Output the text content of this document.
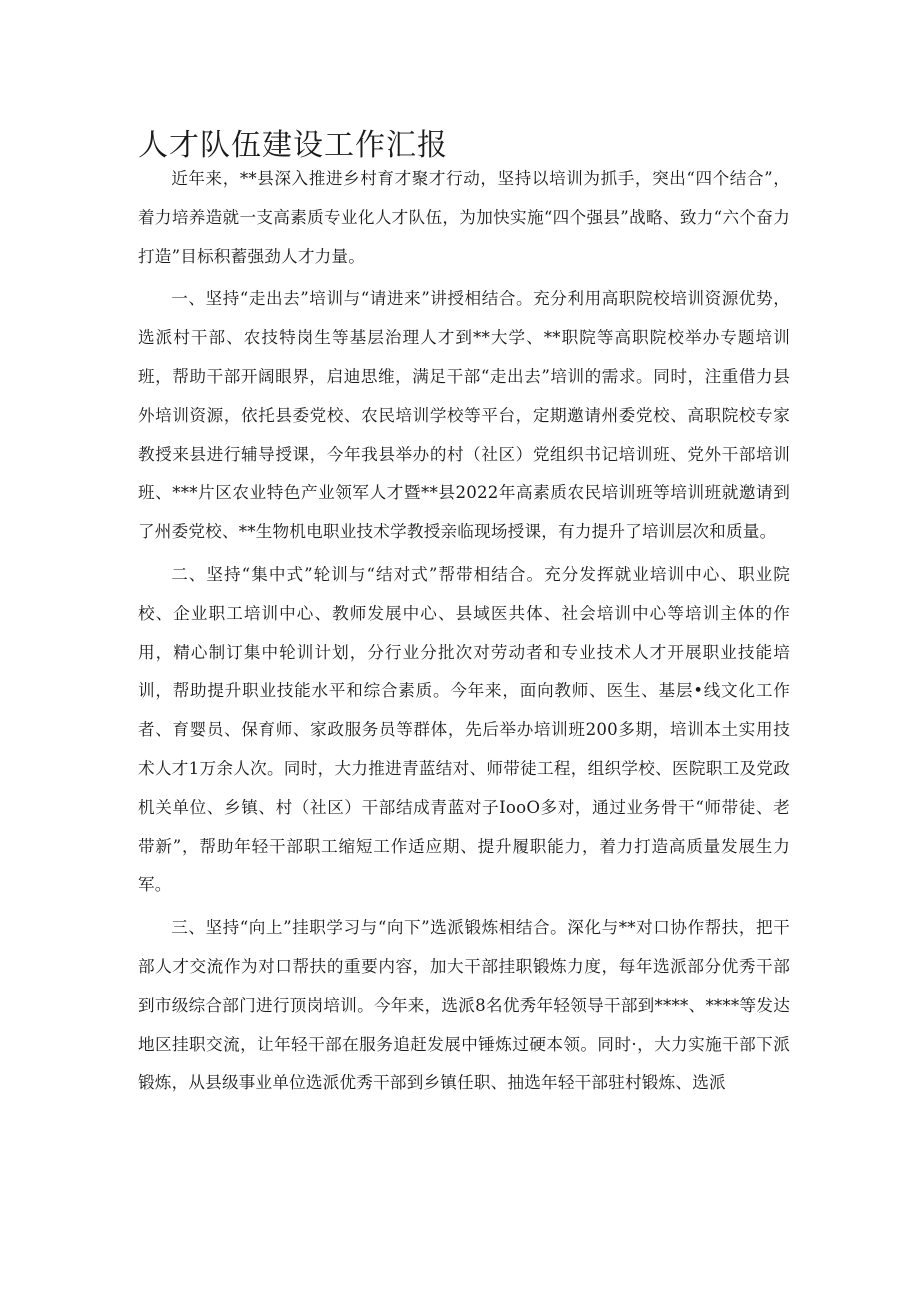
人才队伍建设工作汇报

近年来，**县深入推进乡村育才聚才行动，坚持以培训为抓手，突出“四个结合”，着力培养造就一支高素质专业化人才队伍，为加快实施“四个强县”战略、致力“六个奋力打造”目标积蓄强劲人才力量。

一、坚持“走出去”培训与“请进来”讲授相结合。充分利用高职院校培训资源优势，选派村干部、农技特岗生等基层治理人才到**大学、**职院等高职院校举办专题培训班，帮助干部开阔眼界，启迪思维，满足干部“走出去”培训的需求。同时，注重借力县外培训资源，依托县委党校、农民培训学校等平台，定期邀请州委党校、高职院校专家教授来县进行辅导授课，今年我县举办的村（社区）党组织书记培训班、党外干部培训班、***片区农业特色产业领军人才暨**县2022年高素质农民培训班等培训班就邀请到了州委党校、**生物机电职业技术学教授亲临现场授课，有力提升了培训层次和质量。

二、坚持“集中式”轮训与“结对式”帮带相结合。充分发挥就业培训中心、职业院校、企业职工培训中心、教师发展中心、县域医共体、社会培训中心等培训主体的作用，精心制订集中轮训计划，分行业分批次对劳动者和专业技术人才开展职业技能培训，帮助提升职业技能水平和综合素质。今年来，面向教师、医生、基层•线文化工作者、育婴员、保育师、家政服务员等群体，先后举办培训班200多期，培训本土实用技术人才1万余人次。同时，大力推进青蓝结对、师带徒工程，组织学校、医院职工及党政机关单位、乡镇、村（社区）干部结成青蓝对子IooO多对，通过业务骨干“师带徒、老带新”，帮助年轻干部职工缩短工作适应期、提升履职能力，着力打造高质量发展生力军。

三、坚持“向上”挂职学习与“向下”选派锻炼相结合。深化与**对口协作帮扶，把干部人才交流作为对口帮扶的重要内容，加大干部挂职锻炼力度，每年选派部分优秀干部到市级综合部门进行顶岗培训。今年来，选派8名优秀年轻领导干部到****、****等发达地区挂职交流，让年轻干部在服务追赶发展中锤炼过硬本领。同时·，大力实施干部下派锻炼，从县级事业单位选派优秀干部到乡镇任职、抽选年轻干部驻村锻炼、选派
